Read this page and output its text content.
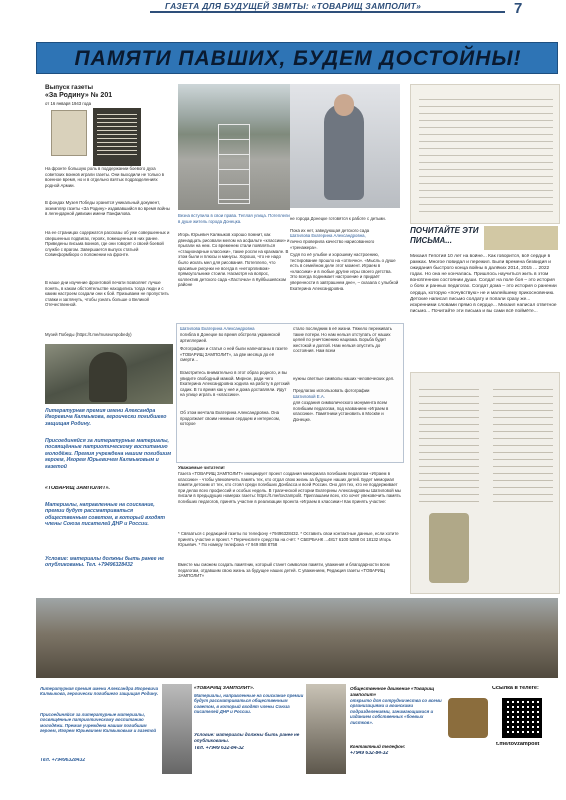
ГАЗЕТА ДЛЯ БУДУЩЕЙ ЗВМТЫ: «ТОВАРИЩ ЗАМПОЛИТ»	7
ПАМЯТИ ПАВШИХ, БУДЕМ ДОСТОЙНЫ!
Выпуск газеты
«За Родину» № 201
от 16 января 1943 года
На фронте большую роль в поддержании боевого духа советских воинов играли газеты. Они выходили не только в военное время, но и в отдельно взятых подразделениях родной Армии.
В фондах Музея Победы хранится уникальный документ, экземпляр газеты «За Родину» издававшийся во время войны в легендарной дивизии имени Панфилова.
На ее страницах содержатся рассказы об уже совершенных и свершенных подвигах, героях, помещенных в них ранее. Приведены письма воинов, где они говорят о своей боевой службе с врагом. Завершается выпуск статьей Совинформбюро о положении на фронте.
В наше дни изучение фронтовой печати позволяет лучше понять, в каком обстоятельстве находились тогда люди и с каким настроем создали они к бой. Призываем не пропустить ставки и заглянуть, чтобы узнать больше о Великой Отечественной.
Музей Победы (https://t.me/museumpobedy)
Литературная премия имени Александра Игоревича Калмыкова, героически погибшего защищая Родину.
Присоединяйся за литературные материалы, посвящённые патриотическому воспитанию молодёжи. Премия учреждена нашим погибшим героем, Игорем Юрьевичем Калмыковым и газетой
«ТОВАРИЩ ЗАМПОЛИТ».
Материалы, направленные на соискание, премии будут рассматриваться общественным советом, в который входят члены Союза писателей ДНР и России.
Условие: материалы должны быть ранее не опубликованы. Тел. +79496328432
Везна вступила в свои права. Теплая улица. Потеплели в душе житель города Донецка.
Игорь Юрьевич Калмыков хорошо помнит, как двенадцать рисовали мелом на асфальте «классики» и прыгали на нем. Со временем стали появляться «стационарные классики», такие росли на крахмале. В этом были и плюсы и минусы. Хорошо, что не надо было искать мел для рисования. Потеплело, что красивые рисунки не всегда в «неторпливом» прямоугольнике стоили. Насмотря на вопрос, коллектив детского сада «Ласточка» в Куйбышевском районе
не города Донецке готовятся к работе с детьми.
Пока их нет, заведующая детского сада
Шатилова Екатерина Александровна,
лично проверила качество нарисованного «тренажера».
Судя по её улыбке и хорошему настроению, тестирование прошло на «отлично». «Мысль о душе есть в семейном деле этот момент. Играем в «классики» и в любые другие игры своего детства. Это всегда поднимает настроение и придаёт уверенности в завтрашнем дне», – сказала с улыбкой Екатерина Александровна.
Шатилова Екатерина Александровна
погибла в Донецке во время обстрела украинской артиллерией.
Фотографии и статья о ней были напечатаны в газете «ТОВАРИЩ ЗАМПОЛИТ», за две месяца до её смерти…
Всмотритесь внимательно в этот образ родного, и вы увидите свободный мамой. Мирное, ради чего Екатерина Александровна ходила на работу в детский садик. В то время как у неё и дома доставляли. Идут на улице играть в «классики».
Об этом мечтала Екатерина Александровна. Она продолжает своим нежным сердцем и интересом, которое
стало последним в её жизни. Тяжело переживать такие потери. Но нам нельзя отступать от наших целей по уничтожению нацизма. Борьба будет жестокой и долгой. Нам нельзя опустить до состояния. Нам всем
нужны светлые символы наших человеческих дел.
Предлагаю использовать фотографии
Шатиловой Е.А.
для создания символического монумента всем погибшим педагогам, под названием «Играем в классики». Памятники установить в Москве и Донецке.
Уважаемые читатели!
Газета «ТОВАРИЩ ЗАМПОЛИТ» инициирует проект создания мемориала погибшим педагогам «Играем в классики» - чтобы увековечить память тех, кто отдал свою жизнь за будущее наших детей. Будет мемориал памяти детским от тех, кто стоял среди погибших Донбасса и всей России. Оно для тех, кто не поддерживает при делах всех профессий и особых недель. В трагической истории Екатерины Александровны Шатиловой мы писали в предыдущих номерах газеты: https://t.me/tovzampolit. Приглашаем всех, кто хочет увековечить память погибших педагогов, принять участие в реализации проекта «Играем в классики»! Как принять участие:
* Связаться с редакцией газеты по телефону +79496328432. * Оставить свои контактные данные, если хотите принять участие и проект. * Перечислите средства на счёт: * СБЕРБАНК ...4817 6100 5288 04 18132 Игорь Юрьевич. * По номеру телефона +7 949 858 8758
Вместе мы сможем создать памятник, который станет символом памяти, уважения и благодарности всем педагогам, отдавшим свою жизнь за будущее наших детей. С уважением, Редакция газеты «ТОВАРИЩ ЗАМПОЛИТ»
ПОЧИТАЙТЕ ЭТИ ПИСЬМА...
Михаил Гепотий 10 лет на войне... Как говорится, всё сердце в рамках. Многое повидал и пережил. Были времена безвидия и ожидания быстрого конца войны в далёких 2014, 2015 ... 2022 годах. Но она не кончалась. Пришлось научиться жить в этом вонсвтенном состоянии души. Солдат на поле боя – это история о боях и ранных педагогах. Солдат дома – это история о ранении сердца, которую «почувствую» не и малейшему прикосновению. Детские написал письмо солдату и попали сразу же... искренними словами прямо в сердце... Михаил написал ответное письмо... Почитайте эти письма и вы сами всё поймёте...
Литературная премия имени Александра Игоревича Калмыкова, героически погибшего защищая Родину.
Присоединяйся за литературные материалы, посвящённые патриотическому воспитанию молодёжи. Премия учреждена нашим погибшим героем, Игорем Юрьевичем Калмыковым и газетой
Тел. +79496328432
«ТОВАРИЩ ЗАМПОЛИТ».
Материалы, направленные на соискание премии будут рассматриваться общественным советом, в который входят члены Союза писателей ДНР и России.
Условие: материалы должны быть ранее не опубликованы.
Тел. +7949 632-84-32
Общественное движение «Товарищ замполит»
открыто для сотрудничества со всеми организациями и воинскими подразделениями, занимающимися и изданием собственных «боевых листков».
Контактный телефон:
+7949 632-84-32
Ссылка в телеге:
t.me/tovzampolit
